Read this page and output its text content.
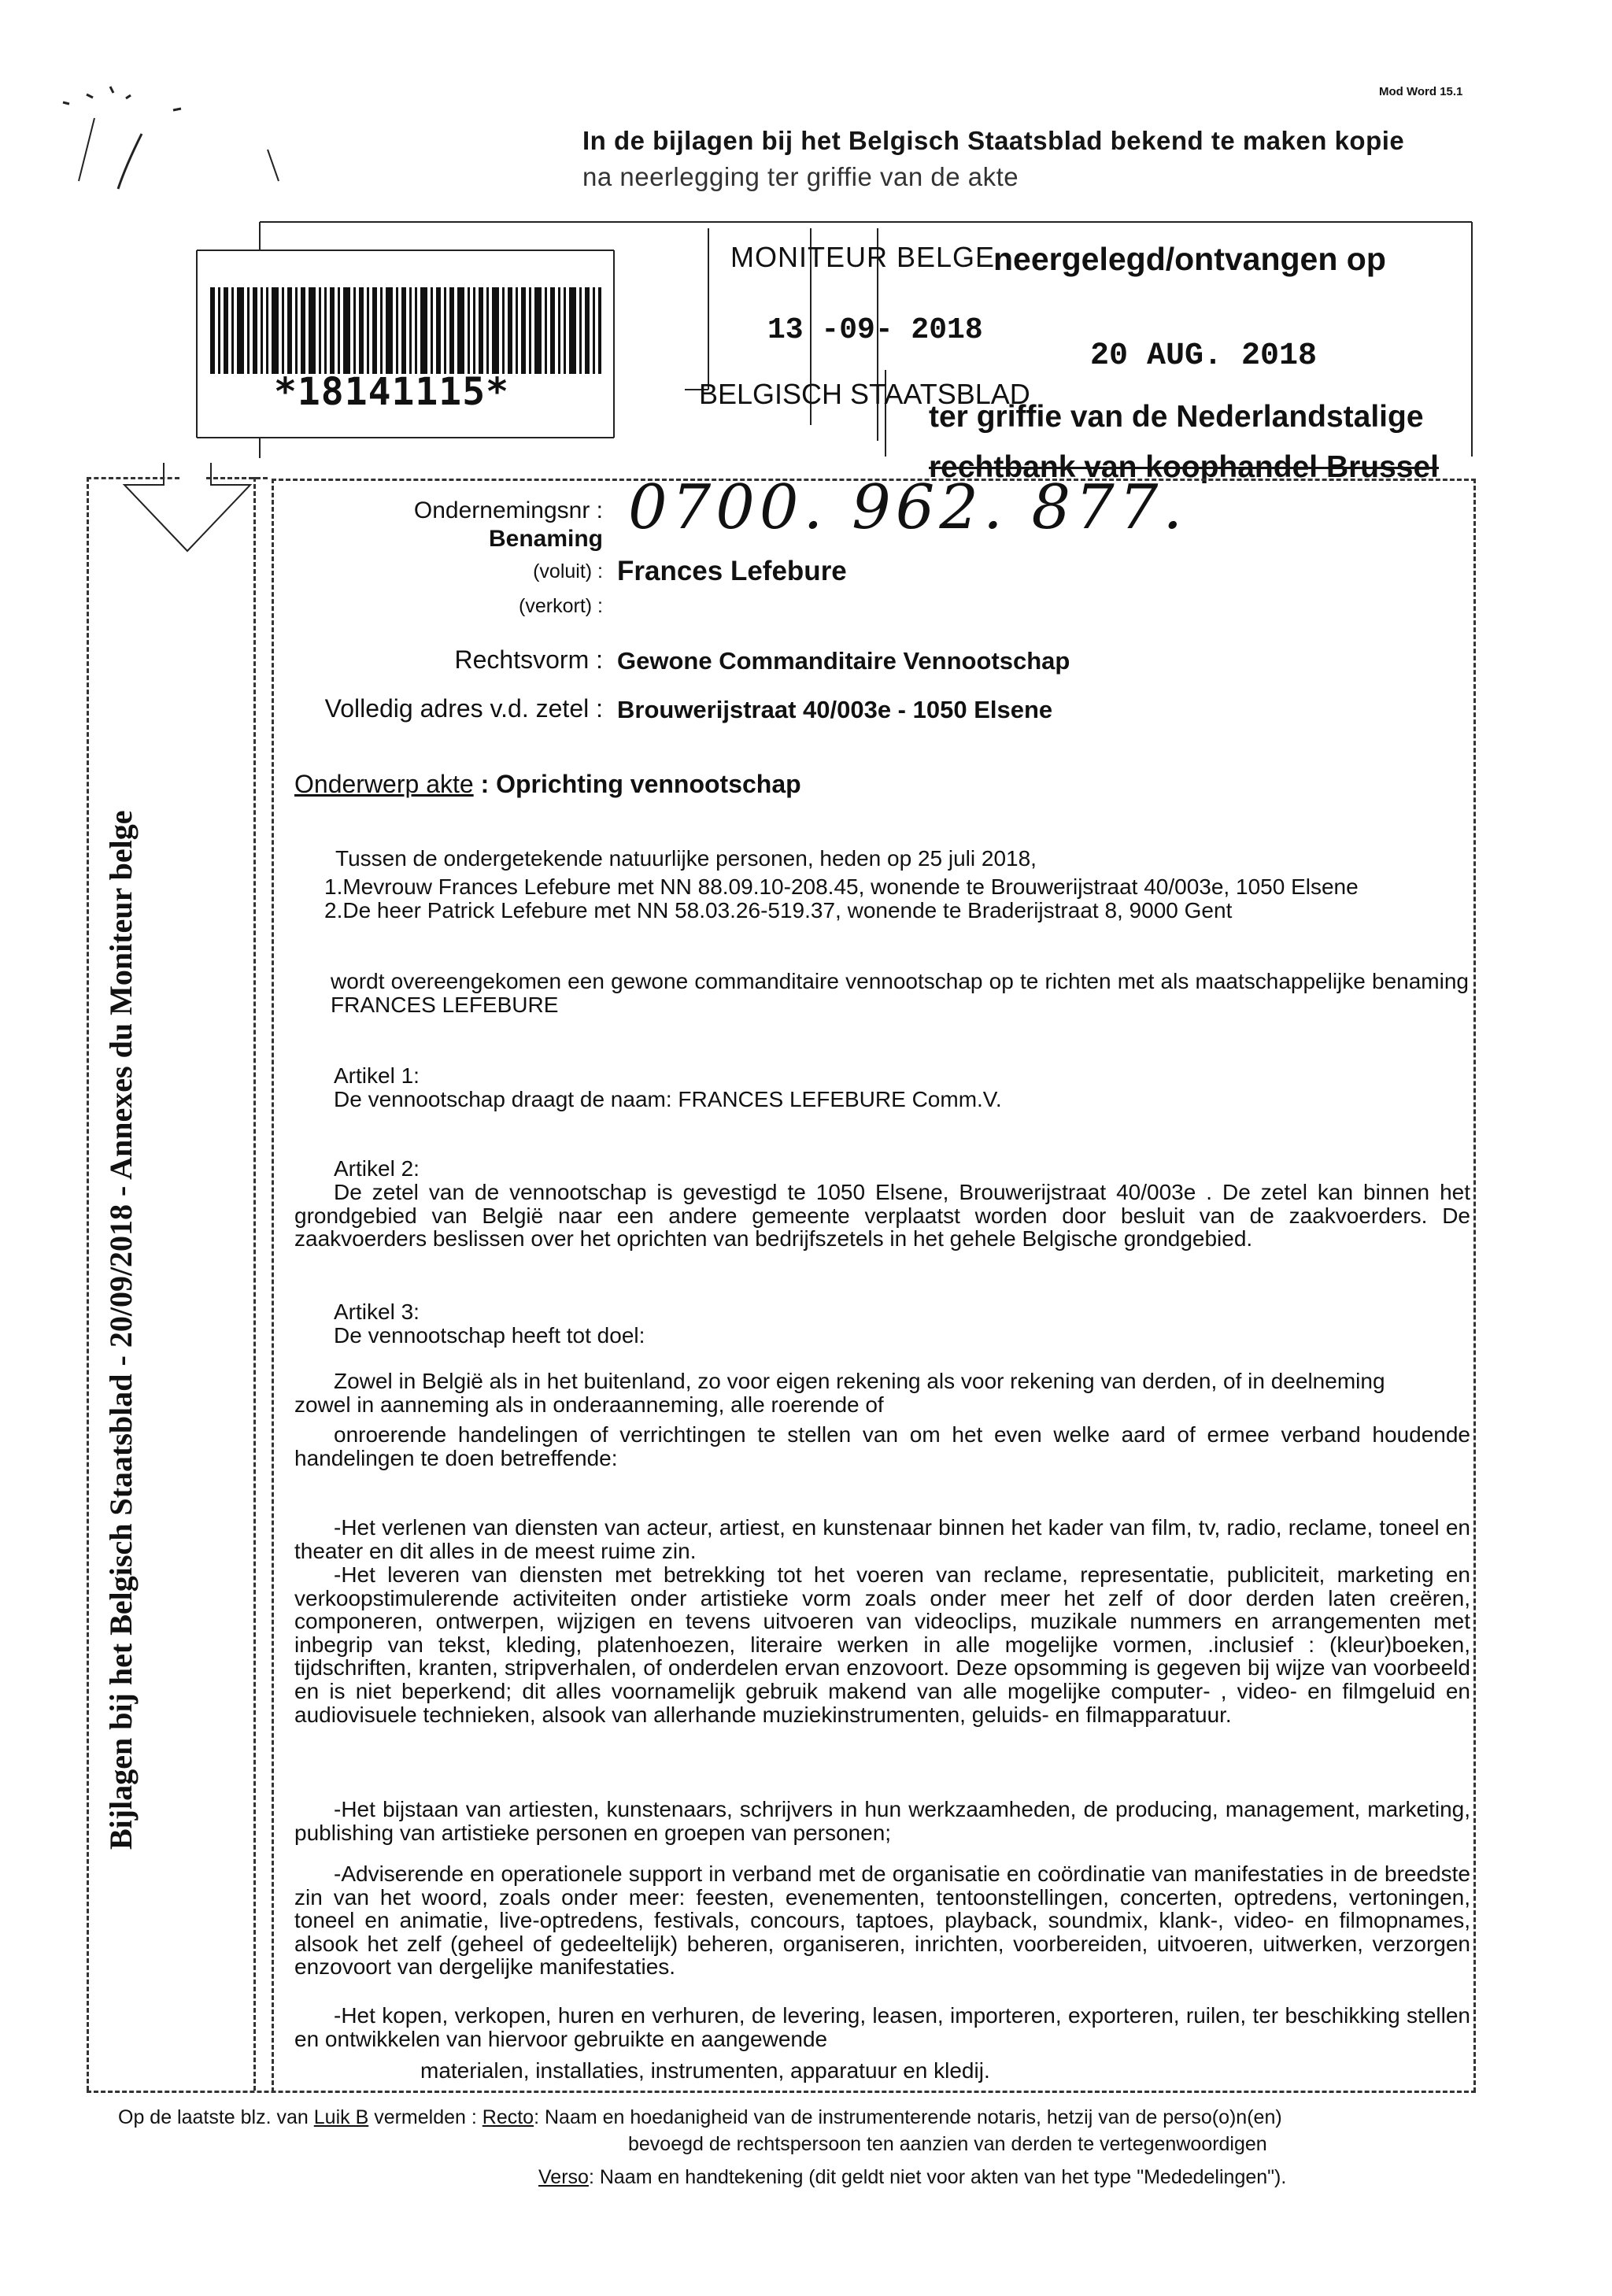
Mod Word 15.1
In de bijlagen bij het Belgisch Staatsblad bekend te maken kopie
na neerlegging ter griffie van de akte
*18141115*
MONITEUR BELGE
13 -09- 2018
BELGISCH STAATSBLAD
neergelegd/ontvangen op
20 AUG. 2018
ter griffie van de Nederlandstalige
rechtbank van koophandel Brussel
Bijlagen bij het Belgisch Staatsblad - 20/09/2018 - Annexes du Moniteur belge
Ondernemingsnr : 0700. 962. 877.
Benaming
(voluit) : Frances Lefebure
(verkort) :
Rechtsvorm : Gewone Commanditaire Vennootschap
Volledig adres v.d. zetel : Brouwerijstraat 40/003e - 1050 Elsene
Onderwerp akte : Oprichting vennootschap

Tussen de ondergetekende natuurlijke personen, heden op 25 juli 2018,

1.Mevrouw Frances Lefebure met NN 88.09.10-208.45, wonende te Brouwerijstraat 40/003e, 1050 Elsene

2.De heer Patrick Lefebure met NN 58.03.26-519.37, wonende te Braderijstraat 8, 9000 Gent

wordt overeengekomen een gewone commanditaire vennootschap op te richten met als maatschappelijke benaming FRANCES LEFEBURE

Artikel 1:

De vennootschap draagt de naam: FRANCES LEFEBURE Comm.V.

Artikel 2:

De zetel van de vennootschap is gevestigd te 1050 Elsene, Brouwerijstraat 40/003e . De zetel kan binnen het grondgebied van België naar een andere gemeente verplaatst worden door besluit van de zaakvoerders. De zaakvoerders beslissen over het oprichten van bedrijfszetels in het gehele Belgische grondgebied.

Artikel 3:

De vennootschap heeft tot doel:

Zowel in België als in het buitenland, zo voor eigen rekening als voor rekening van derden, of in deelneming
zowel in aanneming als in onderaanneming, alle roerende of
onroerende handelingen of verrichtingen te stellen van om het even welke aard of ermee verband houdende handelingen te doen betreffende:
-Het verlenen van diensten van acteur, artiest, en kunstenaar binnen het kader van film, tv, radio, reclame, toneel en theater en dit alles in de meest ruime zin.
-Het leveren van diensten met betrekking tot het voeren van reclame, representatie, publiciteit, marketing en verkoopstimulerende activiteiten onder artistieke vorm zoals onder meer het zelf of door derden laten creëren, componeren, ontwerpen, wijzigen en tevens uitvoeren van videoclips, muzikale nummers en arrangementen met inbegrip van tekst, kleding, platenhoezen, literaire werken in alle mogelijke vormen, .inclusief : (kleur)boeken, tijdschriften, kranten, stripverhalen, of onderdelen ervan enzovoort. Deze opsomming is gegeven bij wijze van voorbeeld en is niet beperkend; dit alles voornamelijk gebruik makend van alle mogelijke computer- , video- en filmgeluid en audiovisuele technieken, alsook van allerhande muziekinstrumenten, geluids- en filmapparatuur.
-Het bijstaan van artiesten, kunstenaars, schrijvers in hun werkzaamheden, de producing, management, marketing, publishing van artistieke personen en groepen van personen;
-Adviserende en operationele support in verband met de organisatie en coördinatie van manifestaties in de breedste zin van het woord, zoals onder meer: feesten, evenementen, tentoonstellingen, concerten, optredens, vertoningen, toneel en animatie, live-optredens, festivals, concours, taptoes, playback, soundmix, klank-, video- en filmopnames, alsook het zelf (geheel of gedeeltelijk) beheren, organiseren, inrichten, voorbereiden, uitvoeren, uitwerken, verzorgen enzovoort van dergelijke manifestaties.
-Het kopen, verkopen, huren en verhuren, de levering, leasen, importeren, exporteren, ruilen, ter beschikking stellen en ontwikkelen van hiervoor gebruikte en aangewende
materialen, installaties, instrumenten, apparatuur en kledij.
Op de laatste blz. van Luik B vermelden : Recto: Naam en hoedanigheid van de instrumenterende notaris, hetzij van de perso(o)n(en)
bevoegd de rechtspersoon ten aanzien van derden te vertegenwoordigen
Verso: Naam en handtekening (dit geldt niet voor akten van het type "Mededelingen").
